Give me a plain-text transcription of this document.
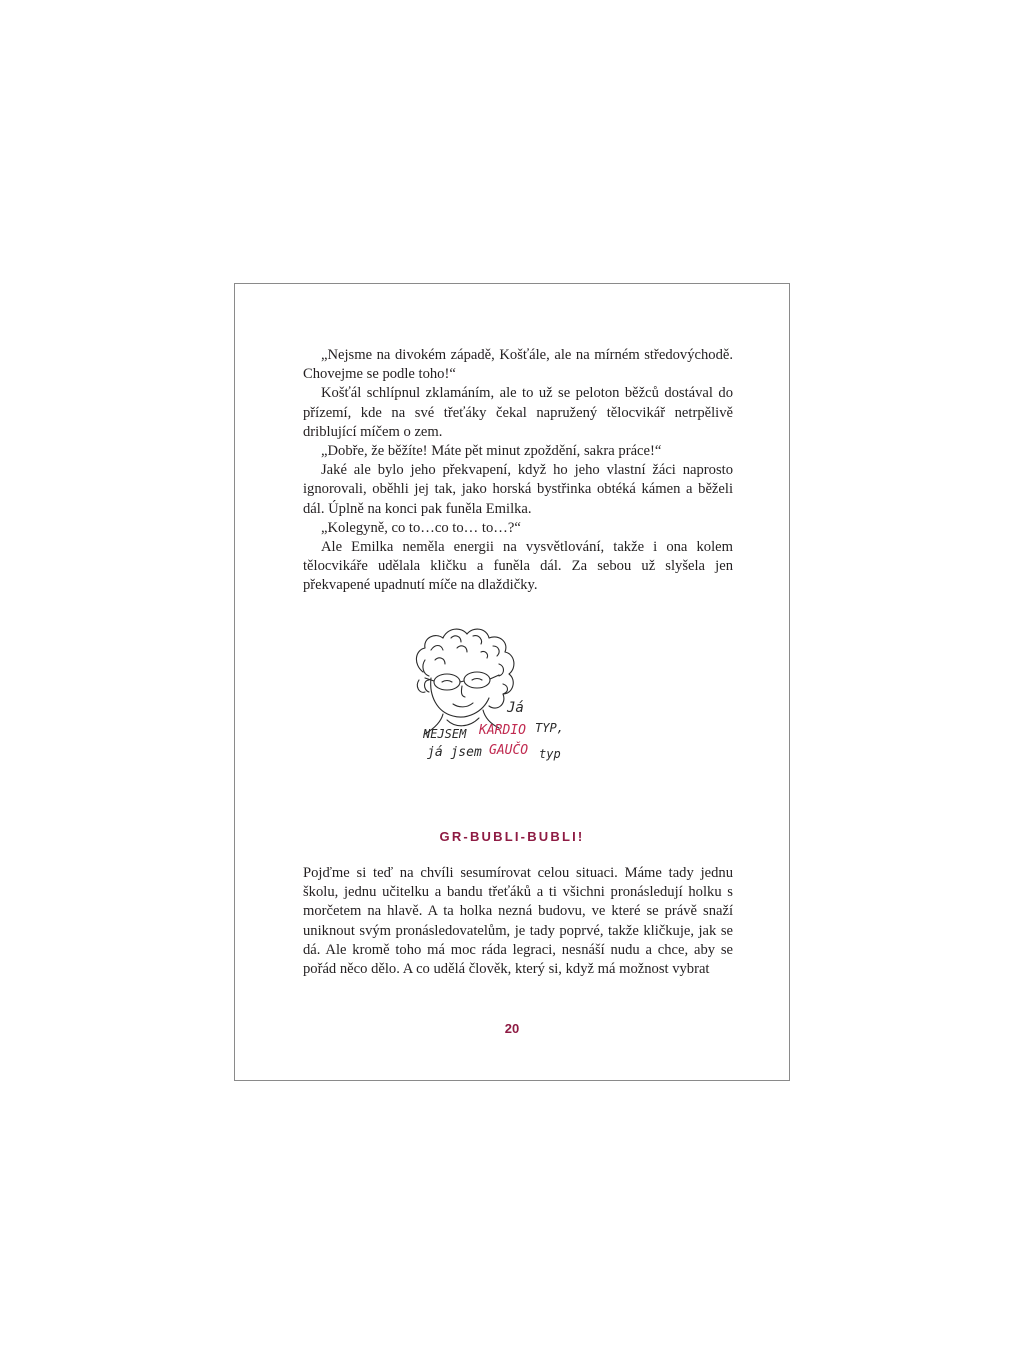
„Nejsme na divokém západě, Košťále, ale na mírném středovýchodě. Chovejme se podle toho!“

Košťál schlípnul zklamáním, ale to už se peloton běžců dostával do přízemí, kde na své třeťáky čekal napružený tělocvikář netrpělivě driblující míčem o zem.

„Dobře, že běžíte! Máte pět minut zpoždění, sakra práce!“

Jaké ale bylo jeho překvapení, když ho jeho vlastní žáci naprosto ignorovali, oběhli jej tak, jako horská bystřinka obtéká kámen a běželi dál. Úplně na konci pak funěla Emilka.

„Kolegyně, co to…co to… to…?“

Ale Emilka neměla energii na vysvětlování, takže i ona kolem tělocvikáře udělala kličku a funěla dál. Za sebou už slyšela jen překvapené upadnutí míče na dlaždičky.

Já
NEJSEM KARDIO TYP,
já jsem GAUČO typ
GR-BUBLI-BUBLI!

Pojďme si teď na chvíli sesumírovat celou situaci. Máme tady jednu školu, jednu učitelku a bandu třeťáků a ti všichni pronásledují holku s morčetem na hlavě. A ta holka nezná budovu, ve které se právě snaží uniknout svým pronásledovatelům, je tady poprvé, takže kličkuje, jak se dá. Ale kromě toho má moc ráda legraci, nesnáší nudu a chce, aby se pořád něco dělo. A co udělá člověk, který si, když má možnost vybrat

20
